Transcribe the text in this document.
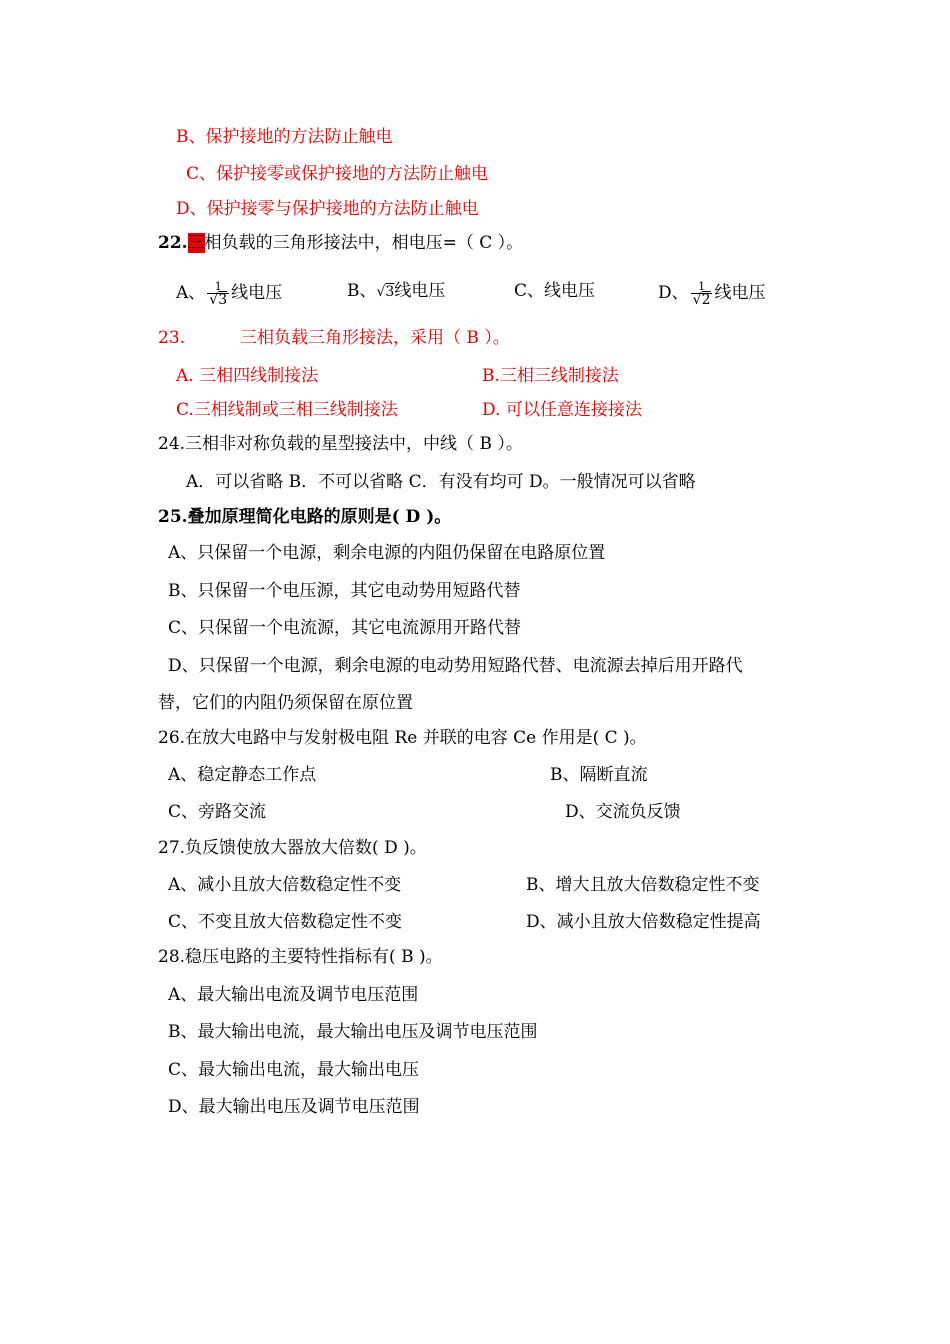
B、保护接地的方法防止触电
C、保护接零或保护接地的方法防止触电
D、保护接零与保护接地的方法防止触电
22.三相负载的三角形接法中，相电压=（ C ）。
A、 $\frac{1}{√3}$ 线电压	B、√3线电压	C、线电压	D、 $\frac{1}{√2}$ 线电压
23.	三相负载三角形接法，采用（ B ）。
A. 三相四线制接法	B.三相三线制接法
C.三相线制或三相三线制接法	D. 可以任意连接接法
24.三相非对称负载的星型接法中，中线（ B ）。
A．可以省略 B．不可以省略 C．有没有均可 D。一般情况可以省略
25.叠加原理简化电路的原则是( D )。
A、只保留一个电源，剩余电源的内阻仍保留在电路原位置
B、只保留一个电压源，其它电动势用短路代替
C、只保留一个电流源，其它电流源用开路代替
D、只保留一个电源，剩余电源的电动势用短路代替、电流源去掉后用开路代
替，它们的内阻仍须保留在原位置
26.在放大电路中与发射极电阻 Re 并联的电容 Ce 作用是( C )。
A、稳定静态工作点	B、隔断直流
C、旁路交流	D、交流负反馈
27.负反馈使放大器放大倍数( D )。
A、减小且放大倍数稳定性不变	B、增大且放大倍数稳定性不变
C、不变且放大倍数稳定性不变	D、减小且放大倍数稳定性提高
28.稳压电路的主要特性指标有( B )。
A、最大输出电流及调节电压范围
B、最大输出电流，最大输出电压及调节电压范围
C、最大输出电流，最大输出电压
D、最大输出电压及调节电压范围
